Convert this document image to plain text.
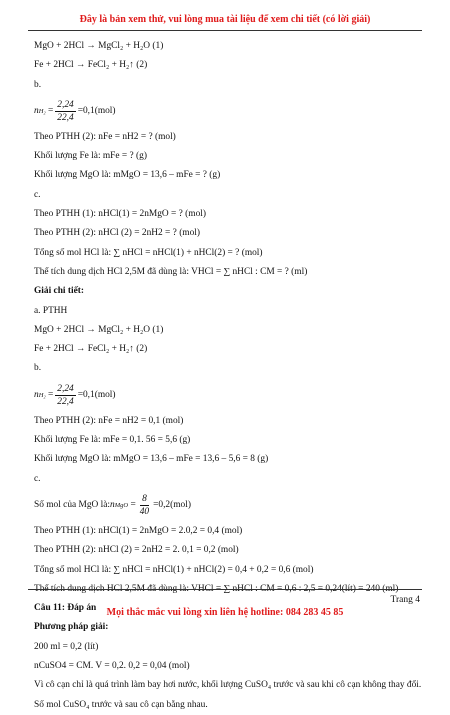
Đây là bản xem thử, vui lòng mua tài liệu để xem chi tiết (có lời giải)
MgO + 2HCl → MgCl₂ + H₂O (1)
Fe + 2HCl → FeCl₂ + H₂↑ (2)
b.
$nH_2 = \frac{2,24}{22,4} =0,1(mol)$
Theo PTHH (2): nFe = nH2 = ? (mol)
Khối lượng Fe là: mFe = ? (g)
Khối lượng MgO là: mMgO = 13,6 – mFe = ? (g)
c.
Theo PTHH (1): nHCl(1) = 2nMgO = ? (mol)
Theo PTHH (2): nHCl (2) = 2nH2 = ? (mol)
Tổng số mol HCl là: ∑ nHCl = nHCl(1) + nHCl(2) = ? (mol)
Thể tích dung dịch HCl 2,5M đã dùng là: VHCl = ∑ nHCl : CM = ? (ml)
Giải chi tiết:
a. PTHH
MgO + 2HCl → MgCl₂ + H₂O (1)
Fe + 2HCl → FeCl₂ + H₂↑ (2)
b.
$nH_2 = \frac{2,24}{22,4} =0,1(mol)$
Theo PTHH (2): nFe = nH2 = 0,1 (mol)
Khối lượng Fe là: mFe = 0,1. 56 = 5,6 (g)
Khối lượng MgO là: mMgO = 13,6 – mFe = 13,6 – 5,6 = 8 (g)
c.
Số mol của MgO là: nMgO = $\frac{8}{40} =0,2(mol)$
Theo PTHH (1): nHCl(1) = 2nMgO = 2.0,2 = 0,4 (mol)
Theo PTHH (2): nHCl (2) = 2nH2 = 2. 0,1 = 0,2 (mol)
Tổng số mol HCl là: ∑ nHCl = nHCl(1) + nHCl(2) = 0,4 + 0,2 = 0,6 (mol)
Thể tích dung dịch HCl 2,5M đã dùng là: VHCl = ∑ nHCl : CM = 0,6 : 2,5 = 0,24(lít) = 240 (ml)
Câu 11: Đáp án
Phương pháp giải:
200 ml = 0,2 (lít)
nCuSO4 = CM. V = 0,2. 0,2 = 0,04 (mol)
Vì cô cạn chỉ là quá trình làm bay hơi nước, khối lượng CuSO₄ trước và sau khi cô cạn không thay đổi.
Số mol CuSO₄ trước và sau cô cạn bằng nhau.
Trang 4
Mọi thắc mắc vui lòng xin liên hệ hotline: 084 283 45 85
